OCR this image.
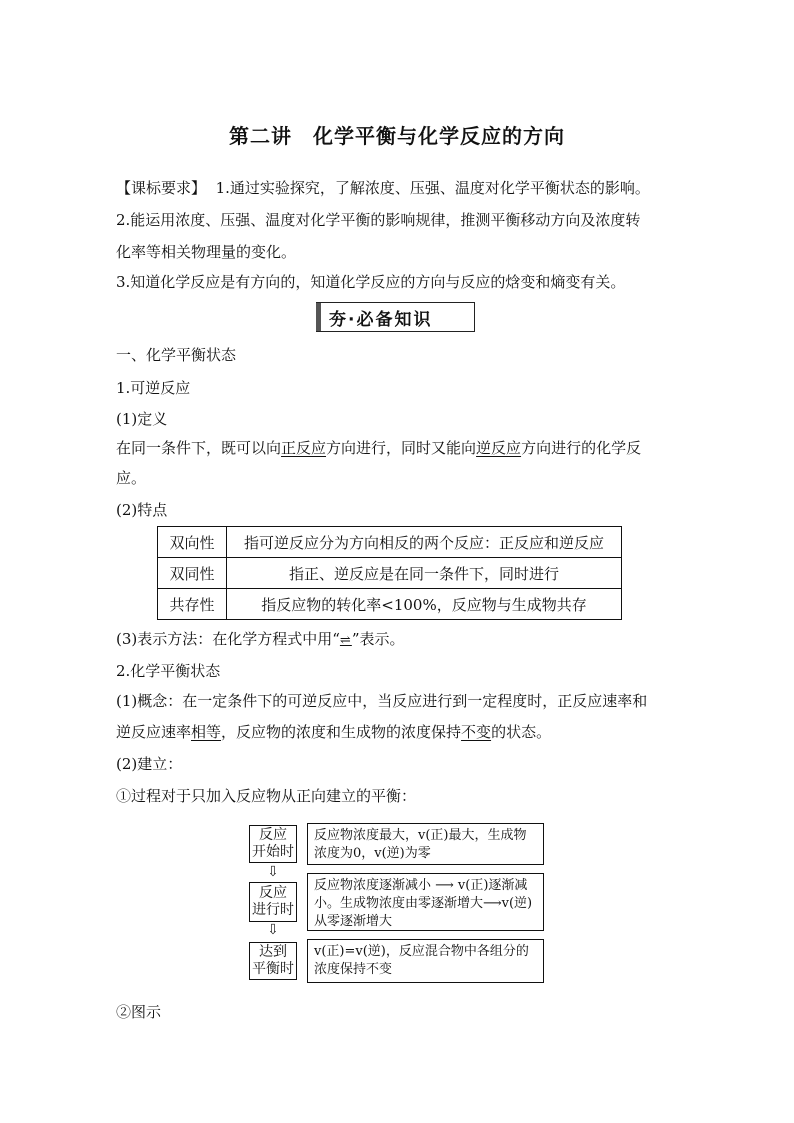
第二讲　化学平衡与化学反应的方向
【课标要求】 1.通过实验探究，了解浓度、压强、温度对化学平衡状态的影响。
2.能运用浓度、压强、温度对化学平衡的影响规律，推测平衡移动方向及浓度转
化率等相关物理量的变化。
3.知道化学反应是有方向的，知道化学反应的方向与反应的焓变和熵变有关。
夯·必备知识
一、化学平衡状态
1.可逆反应
(1)定义
在同一条件下，既可以向正反应方向进行，同时又能向逆反应方向进行的化学反
应。
(2)特点
双向性	指可逆反应分为方向相反的两个反应：正反应和逆反应
双同性	指正、逆反应是在同一条件下，同时进行
共存性	指反应物的转化率<100%，反应物与生成物共存
(3)表示方法：在化学方程式中用“⇌”表示。
2.化学平衡状态
(1)概念：在一定条件下的可逆反应中，当反应进行到一定程度时，正反应速率和
逆反应速率相等，反应物的浓度和生成物的浓度保持不变的状态。
(2)建立：
①过程对于只加入反应物从正向建立的平衡：
反应
开始时
反应物浓度最大，v(正)最大，生成物
浓度为0，v(逆)为零
⇩
反应
进行时
反应物浓度逐渐减小 ⟶ v(正)逐渐减
小。生成物浓度由零逐渐增大⟶v(逆)
从零逐渐增大
⇩
达到
平衡时
v(正)=v(逆)，反应混合物中各组分的
浓度保持不变
②图示
